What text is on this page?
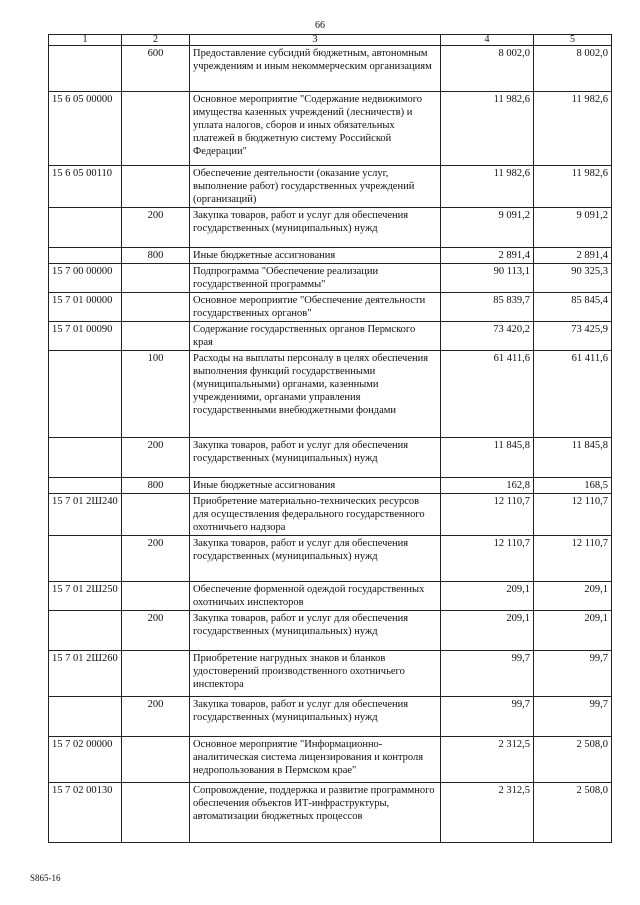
66
1	2	3	4	5
	600	Предоставление субсидий бюджетным, автономным учреждениям и иным некоммерческим организациям	8 002,0	8 002,0
15 6 05 00000		Основное мероприятие "Содержание недвижимого имущества казенных учреждений (лесничеств) и уплата налогов, сборов и иных обязательных платежей в бюджетную систему Российской Федерации"	11 982,6	11 982,6
15 6 05 00110		Обеспечение деятельности (оказание услуг, выполнение работ) государственных учреждений (организаций)	11 982,6	11 982,6
	200	Закупка товаров, работ и услуг для обеспечения государственных (муниципальных) нужд	9 091,2	9 091,2
	800	Иные бюджетные ассигнования	2 891,4	2 891,4
15 7 00 00000		Подпрограмма "Обеспечение реализации государственной программы"	90 113,1	90 325,3
15 7 01 00000		Основное мероприятие "Обеспечение деятельности государственных органов"	85 839,7	85 845,4
15 7 01 00090		Содержание государственных органов Пермского края	73 420,2	73 425,9
	100	Расходы на выплаты персоналу в целях обеспечения выполнения функций государственными (муниципальными) органами, казенными учреждениями, органами управления государственными внебюджетными фондами	61 411,6	61 411,6
	200	Закупка товаров, работ и услуг для обеспечения государственных (муниципальных) нужд	11 845,8	11 845,8
	800	Иные бюджетные ассигнования	162,8	168,5
15 7 01 2Ш240		Приобретение материально-технических ресурсов для осуществления федерального государственного охотничьего надзора	12 110,7	12 110,7
	200	Закупка товаров, работ и услуг для обеспечения государственных (муниципальных) нужд	12 110,7	12 110,7
15 7 01 2Ш250		Обеспечение форменной одеждой государственных охотничьих инспекторов	209,1	209,1
	200	Закупка товаров, работ и услуг для обеспечения государственных (муниципальных) нужд	209,1	209,1
15 7 01 2Ш260		Приобретение нагрудных знаков и бланков удостоверений производственного охотничьего инспектора	99,7	99,7
	200	Закупка товаров, работ и услуг для обеспечения государственных (муниципальных) нужд	99,7	99,7
15 7 02 00000		Основное мероприятие "Информационно-аналитическая система лицензирования и контроля недропользования в Пермском крае"	2 312,5	2 508,0
15 7 02 00130		Сопровождение, поддержка и развитие программного обеспечения объектов ИТ-инфраструктуры, автоматизации бюджетных процессов	2 312,5	2 508,0
S865-16
